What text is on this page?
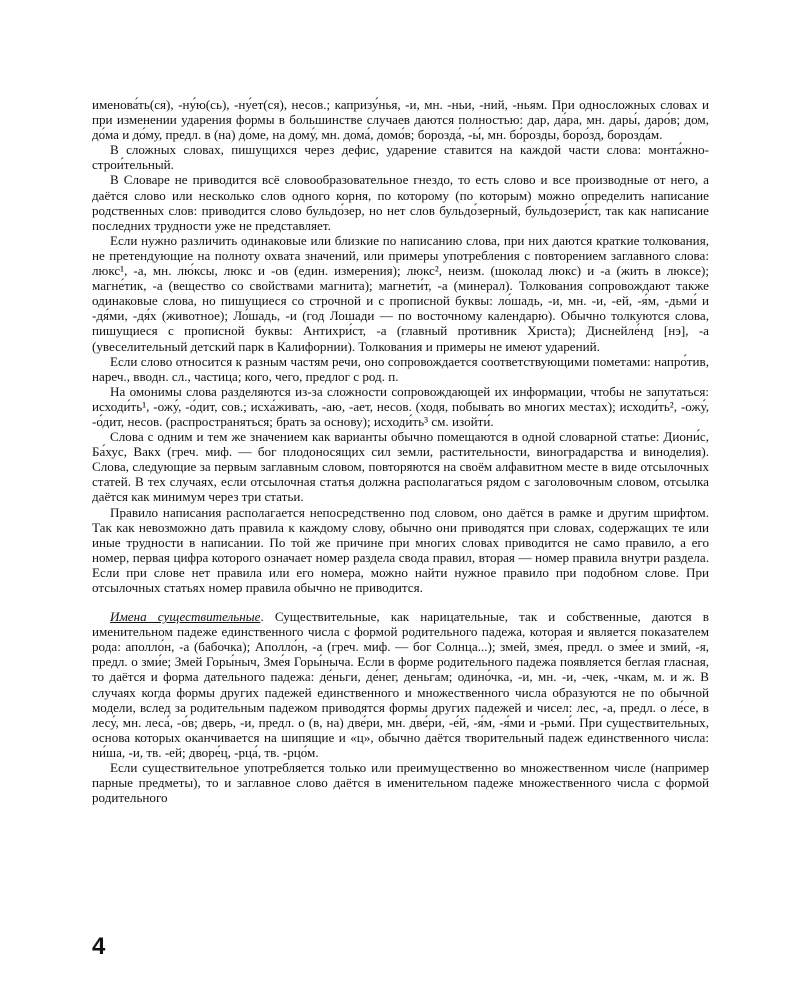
именова́ть(ся), -ну́ю(сь), -ну́ет(ся), несов.; капризу́нья, -и, мн. -ньи, -ний, -ньям. При односложных словах и при изменении ударения формы в большинстве случаев даются полностью: дар, да́ра, мн. дары́, даро́в; дом, до́ма и до́му, предл. в (на) до́ме, на дому́, мн. дома́, домо́в; борозда́, -ы́, мн. бо́розды, боро́зд, борозда́м.

В сложных словах, пишущихся через дефис, ударение ставится на каждой части слова: монта́жно-строи́тельный.

В Словаре не приводится всё словообразовательное гнездо, то есть слово и все производные от него, а даётся слово или несколько слов одного корня, по которому (по которым) можно определить написание родственных слов: приводится слово бульдо́зер, но нет слов бульдо́зерный, бульдозери́ст, так как написание последних трудности уже не представляет.

Если нужно различить одинаковые или близкие по написанию слова, при них даются краткие толкования, не претендующие на полноту охвата значений, или примеры употребления с повторением заглавного слова: люкс¹, -а, мн. лю́ксы, люкс и -ов (един. измерения); люкс², неизм. (шоколад люкс) и -а (жить в люксе); магне́тик, -а (вещество со свойствами магнита); магнети́т, -а (минерал). Толкования сопровождают также одинаковые слова, но пишущиеся со строчной и с прописной буквы: ло́шадь, -и, мн. -и, -ей, -я́м, -дьми́ и -дя́ми, -дя́х (животное); Ло́шадь, -и (год Лошади — по восточному календарю). Обычно толкуются слова, пишущиеся с прописной буквы: Антихри́ст, -а (главный противник Христа); Диснейле́нд [нэ], -а (увеселительный детский парк в Калифорнии). Толкования и примеры не имеют ударений.

Если слово относится к разным частям речи, оно сопровождается соответствующими пометами: напро́тив, нареч., вводн. сл., частица; кого, чего, предлог с род. п.

На омонимы слова разделяются из-за сложности сопровождающей их информации, чтобы не запутаться: исходи́ть¹, -ожу́, -о́дит, сов.; исха́живать, -аю, -ает, несов. (ходя, побывать во многих местах); исходи́ть², -ожу́, -о́дит, несов. (распространяться; брать за основу); исходи́ть³ см. изойти́.

Слова с одним и тем же значением как варианты обычно помещаются в одной словарной статье: Диони́с, Ба́хус, Вакх (греч. миф. — бог плодоносящих сил земли, растительности, виноградарства и виноделия). Слова, следующие за первым заглавным словом, повторяются на своём алфавитном месте в виде отсылочных статей. В тех случаях, если отсылочная статья должна располагаться рядом с заголовочным словом, отсылка даётся как минимум через три статьи.

Правило написания располагается непосредственно под словом, оно даётся в рамке и другим шрифтом. Так как невозможно дать правила к каждому слову, обычно они приводятся при словах, содержащих те или иные трудности в написании. По той же причине при многих словах приводится не само правило, а его номер, первая цифра которого означает номер раздела свода правил, вторая — номер правила внутри раздела. Если при слове нет правила или его номера, можно найти нужное правило при подобном слове. При отсылочных статьях номер правила обычно не приводится.

Имена существительные. Существительные, как нарицательные, так и собственные, даются в именительном падеже единственного числа с формой родительного падежа, которая и является показателем рода: аполло́н, -а (бабочка); Аполло́н, -а (греч. миф. — бог Солнца...); змей, зме́я, предл. о зме́е и змий, -я, предл. о зми́е; Змей Горы́ныч, Зме́я Горы́ныча. Если в форме родительного падежа появляется беглая гласная, то даётся и форма дательного падежа: де́ньги, де́нег, деньга́м; одино́чка, -и, мн. -и, -чек, -чкам, м. и ж. В случаях когда формы других падежей единственного и множественного числа образуются не по обычной модели, вслед за родительным падежом приводятся формы других падежей и чисел: лес, -а, предл. о ле́се, в лесу́, мн. леса́, -о́в; дверь, -и, предл. о (в, на) две́ри, мн. две́ри, -е́й, -я́м, -я́ми и -рьми́. При существительных, основа которых оканчивается на шипящие и «ц», обычно даётся творительный падеж единственного числа: ни́ша, -и, тв. -ей; дворе́ц, -рца́, тв. -рцо́м.

Если существительное употребляется только или преимущественно во множественном числе (например парные предметы), то и заглавное слово даётся в именительном падеже множественного числа с формой родительного

4
